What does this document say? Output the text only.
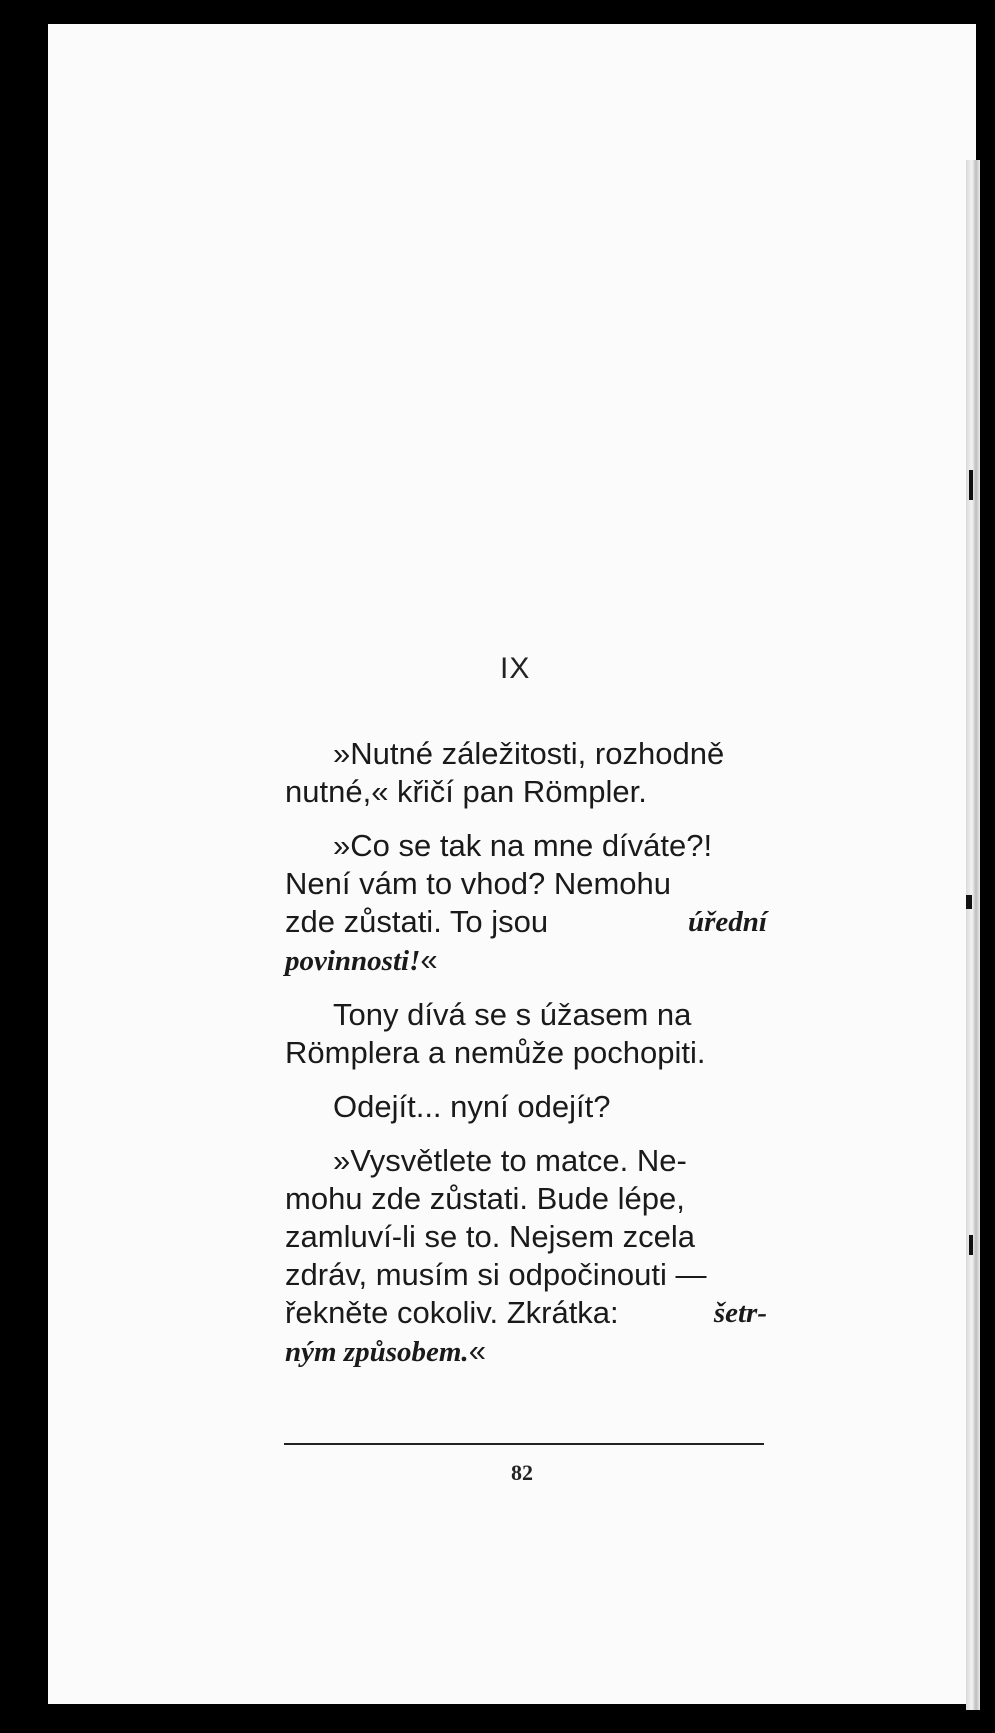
IX
»Nutné záležitosti, rozhodně
nutné,« křičí pan Römpler.
»Co se tak na mne díváte?!
Není vám to vhod? Nemohu
zde zůstati. To jsou	úřední
povinnosti!«
Tony dívá se s úžasem na
Römplera a nemůže pochopiti.
Odejít... nyní odejít?
»Vysvětlete to matce. Ne-
mohu zde zůstati. Bude lépe,
zamluví-li se to. Nejsem zcela
zdráv, musím si odpočinouti —
řekněte cokoliv. Zkrátka:	šetr-
ným způsobem.«
82
